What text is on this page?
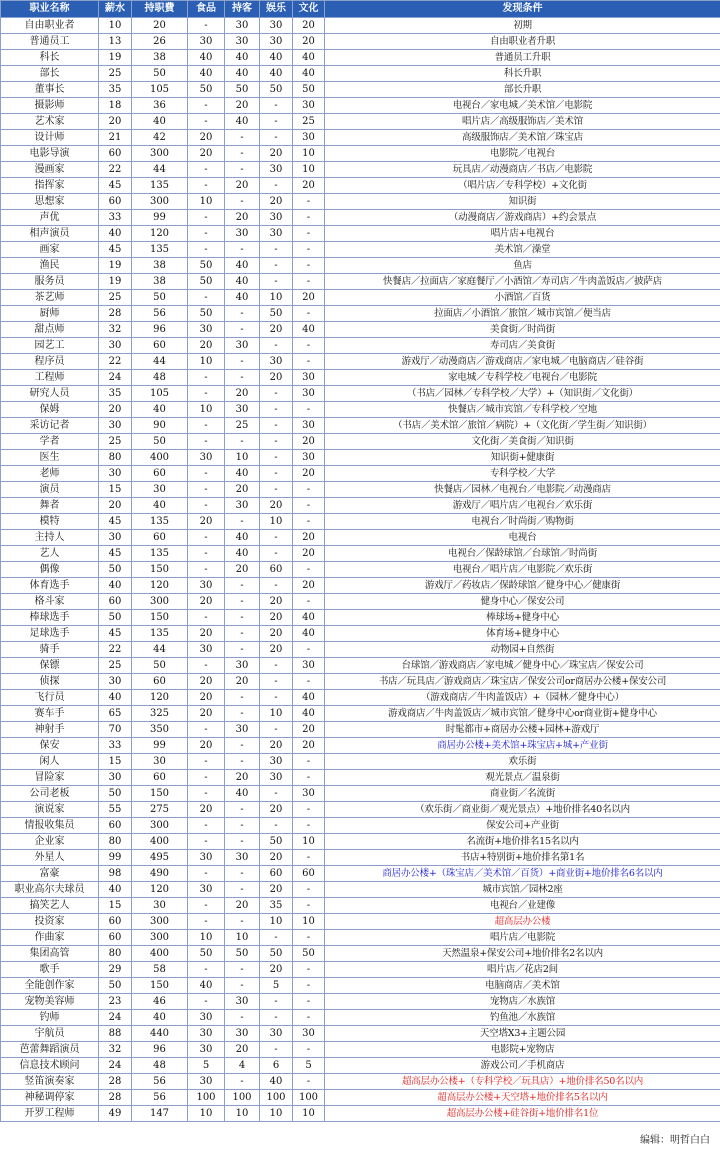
职业名称	薪水	持职費	食品	持客	娱乐	文化	发现条件
自由职业者	10	20	-	30	30	20	初期
普通员工	13	26	30	30	30	20	自由职业者升职
科长	19	38	40	40	40	40	普通员工升职
部长	25	50	40	40	40	40	科长升职
董事长	35	105	50	50	50	50	部长升职
摄影师	18	36	-	20	-	30	电视台／家电城／美术馆／电影院
艺术家	20	40	-	40	-	25	唱片店／高级服饰店／美术馆
设计师	21	42	20	-	-	30	高级服饰店／美术馆／珠宝店
电影导演	60	300	20	-	20	10	电影院／电视台
漫画家	22	44	-	-	30	10	玩具店／动漫商店／书店／电影院
指挥家	45	135	-	20	-	20	（唱片店／专科学校）+文化街
思想家	60	300	10	-	20	-	知识街
声优	33	99	-	20	30	-	（动漫商店／游戏商店）+约会景点
相声演员	40	120	-	30	30	-	唱片店+电视台
画家	45	135	-	-	-	-	美术馆／澡堂
渔民	19	38	50	40	-	-	鱼店
服务员	19	38	50	40	-	-	快餐店／拉面店／家庭餐厅／小酒馆／寿司店／牛肉盖饭店／披萨店
茶艺师	25	50	-	40	10	20	小酒馆／百货
厨师	28	56	50	-	50	-	拉面店／小酒馆／旅馆／城市宾馆／便当店
甜点师	32	96	30	-	20	40	美食街／时尚街
园艺工	30	60	20	30	-	-	寿司店／美食街
程序员	22	44	10	-	30	-	游戏厅／动漫商店／游戏商店／家电城／电脑商店／硅谷街
工程师	24	48	-	-	20	30	家电城／专科学校／电视台／电影院
研究人员	35	105	-	20	-	30	（书店／园林／专科学校／大学）+（知识街／文化街）
保姆	20	40	10	30	-	-	快餐店／城市宾馆／专科学校／空地
采访记者	30	90	-	25	-	30	（书店／美术馆／旅馆／病院）+（文化街／学生街／知识街）
学者	25	50	-	-	-	20	文化街／美食街／知识街
医生	80	400	30	10	-	30	知识街+健康街
老师	30	60	-	40	-	20	专科学校／大学
演员	15	30	-	20	-	-	快餐店／园林／电视台／电影院／动漫商店
舞者	20	40	-	30	20	-	游戏厅／唱片店／电视台／欢乐街
模特	45	135	20	-	10	-	电视台／时尚街／购物街
主持人	30	60	-	40	-	20	电视台
艺人	45	135	-	40	-	20	电视台／保龄球馆／台球馆／时尚街
偶像	50	150	-	20	60	-	电视台／唱片店／电影院／欢乐街
体育选手	40	120	30	-	-	20	游戏厅／药妆店／保龄球馆／健身中心／健康街
格斗家	60	300	20	-	20	-	健身中心／保安公司
棒球选手	50	150	-	-	20	40	棒球场+健身中心
足球选手	45	135	20	-	20	40	体育场+健身中心
骑手	22	44	30	-	20	-	动物园+自然街
保镖	25	50	-	30	-	30	台球馆／游戏商店／家电城／健身中心／珠宝店／保安公司
侦探	30	60	20	20	-	-	书店／玩具店／游戏商店／珠宝店／保安公司or商居办公楼+保安公司
飞行员	40	120	20	-	-	40	（游戏商店／牛肉盖饭店）+（园林／健身中心）
赛车手	65	325	20	-	10	40	游戏商店／牛肉盖饭店／城市宾馆／健身中心or商业街+健身中心
神射手	70	350	-	30	-	20	时髦都市+商居办公楼+园林+游戏厅
保安	33	99	20	-	20	20	商居办公楼+美术馆+珠宝店+城+产业街
闲人	15	30	-	-	30	-	欢乐街
冒险家	30	60	-	20	30	-	观光景点／温泉街
公司老板	50	150	-	40	-	30	商业街／名流街
演说家	55	275	20	-	20	-	（欢乐街／商业街／观光景点）+地价排名40名以内
情报收集员	60	300	-	-	-	-	保安公司+产业街
企业家	80	400	-	-	50	10	名流街+地价排名15名以内
外星人	99	495	30	30	20	-	书店+特别街+地价排名第1名
富豪	98	490	-	-	60	60	商居办公楼+（珠宝店／美术馆／百货）+商业街+地价排名6名以内
职业高尔夫球员	40	120	30	-	20	-	城市宾馆／园林2座
搞笑艺人	15	30	-	20	35	-	电视台／业建像
投资家	60	300	-	-	10	10	超高层办公楼
作曲家	60	300	10	10	-	-	唱片店／电影院
集团高管	80	400	50	50	50	50	天然温泉+保安公司+地价排名2名以内
歌手	29	58	-	-	20	-	唱片店／花店2间
全能创作家	50	150	40	-	5	-	电脑商店／美术馆
宠物美容师	23	46	-	30	-	-	宠物店／水族馆
钓师	24	40	30	-	-	-	钓鱼池／水族馆
宇航员	88	440	30	30	30	30	天空塔X3+主题公园
芭蕾舞蹈演员	32	96	30	20	-	-	电影院+宠物店
信息技术顾问	24	48	5	4	6	5	游戏公司／手机商店
竖笛演奏家	28	56	30	-	40	-	超高层办公楼+（专科学校／玩具店）+地价排名50名以内
神秘调停家	28	56	100	100	100	100	超高层办公楼+天空塔+地价排名5名以内
开罗工程师	49	147	10	10	10	10	超高层办公楼+硅谷街+地价排名1位
编辑：明哲白白
